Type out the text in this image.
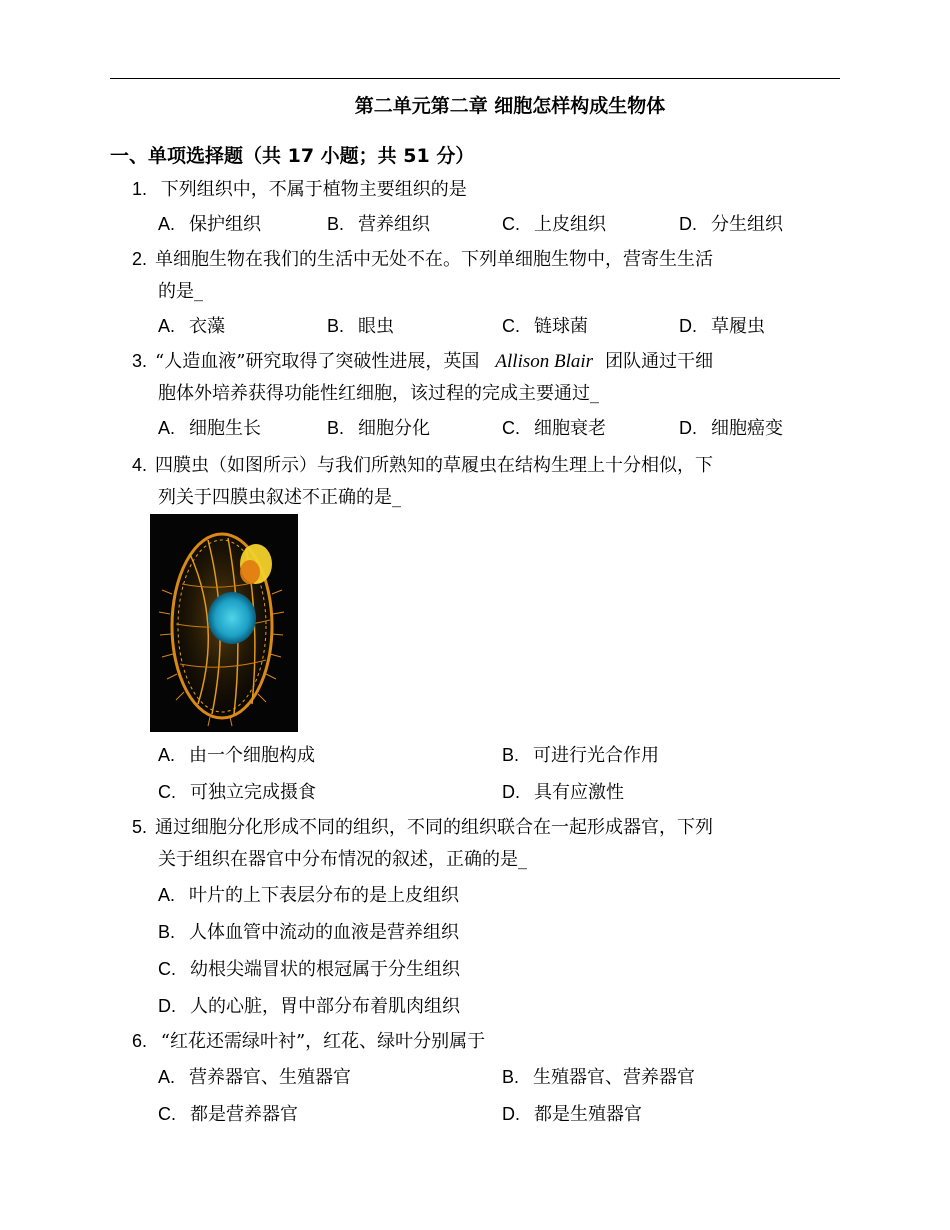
第二单元第二章 细胞怎样构成生物体
一、单项选择题（共 17 小题；共 51 分）
1. 下列组织中，不属于植物主要组织的是
A. 保护组织	B. 营养组织	C. 上皮组织	D. 分生组织
2. 单细胞生物在我们的生活中无处不在。下列单细胞生物中，营寄生生活
的是_
A. 衣藻	B. 眼虫	C. 链球菌	D. 草履虫
3. “人造血液”研究取得了突破性进展，英国 Allison Blair 团队通过干细
胞体外培养获得功能性红细胞，该过程的完成主要通过_
A. 细胞生长	B. 细胞分化	C. 细胞衰老	D. 细胞癌变
4. 四膜虫（如图所示）与我们所熟知的草履虫在结构生理上十分相似，下
列关于四膜虫叙述不正确的是_
A. 由一个细胞构成	B. 可进行光合作用
C. 可独立完成摄食	D. 具有应激性
5. 通过细胞分化形成不同的组织，不同的组织联合在一起形成器官，下列
关于组织在器官中分布情况的叙述，正确的是_
A. 叶片的上下表层分布的是上皮组织
B. 人体血管中流动的血液是营养组织
C. 幼根尖端冒状的根冠属于分生组织
D. 人的心脏，胃中部分布着肌肉组织
6. “红花还需绿叶衬”，红花、绿叶分别属于
A. 营养器官、生殖器官	B. 生殖器官、营养器官
C. 都是营养器官	D. 都是生殖器官
